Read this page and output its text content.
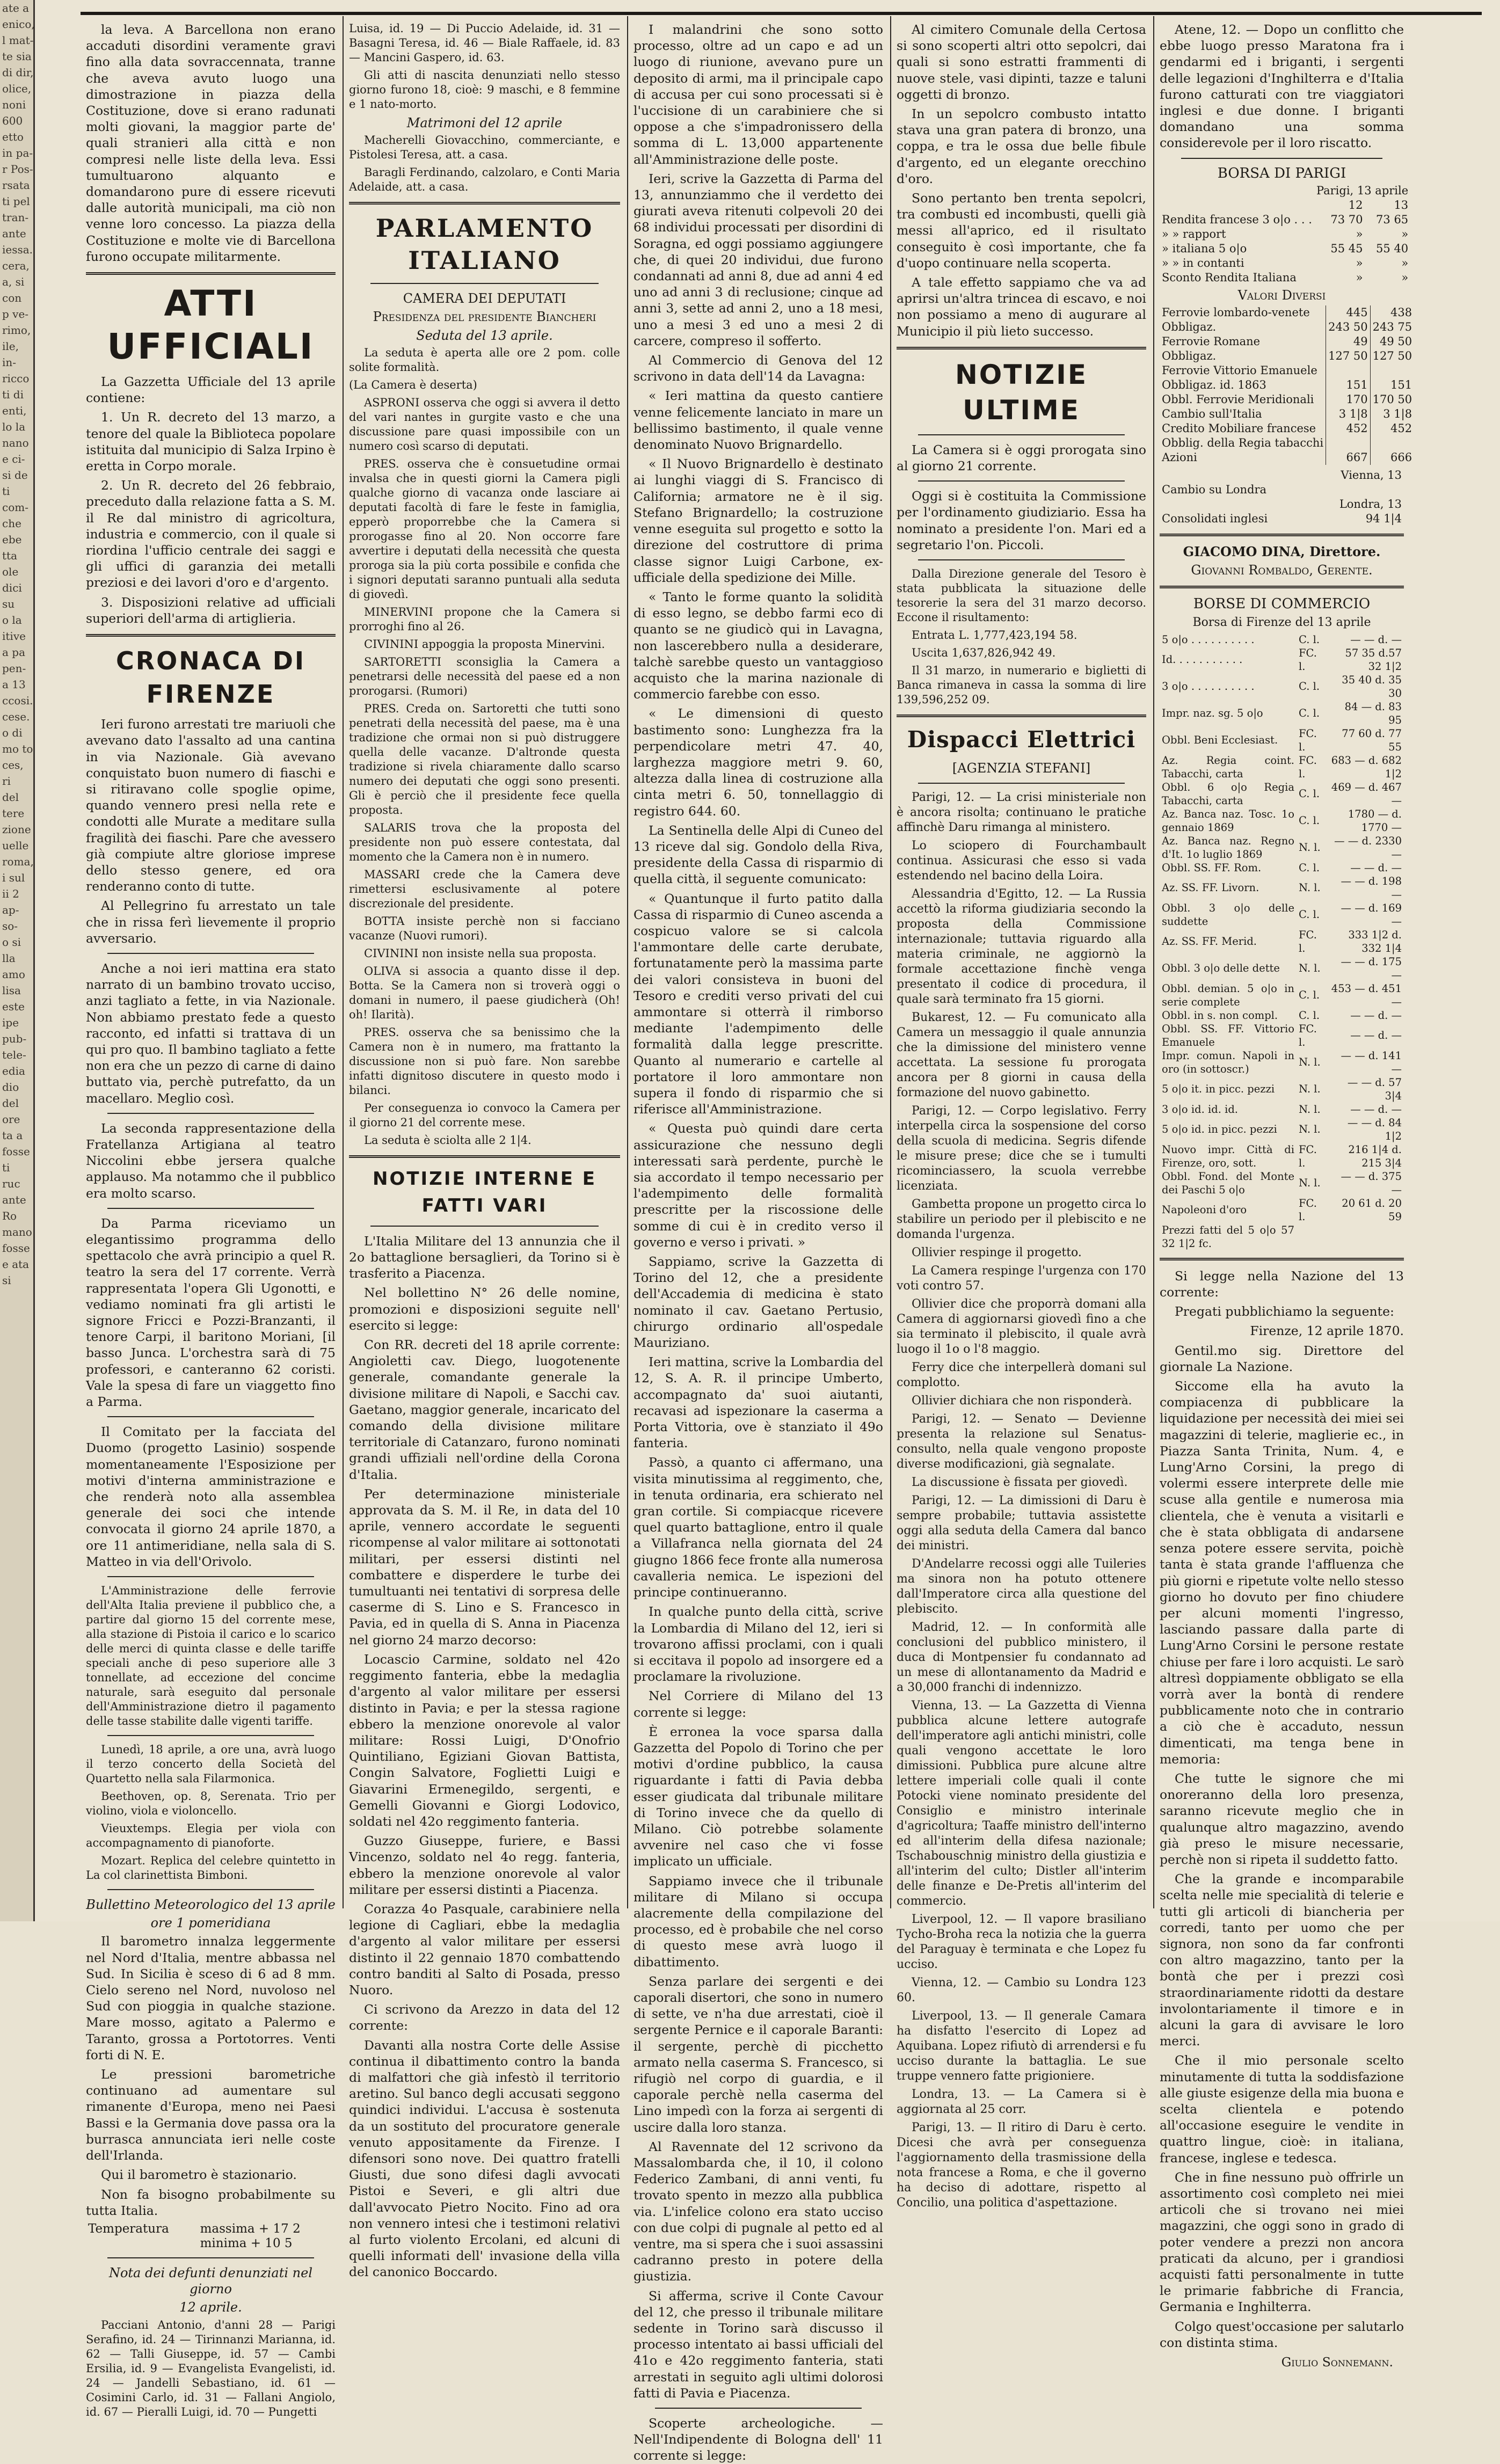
ate a
enico,
l mat-
te sia
di dir,
olice,
noni
600
etto
in pa-
r Pos-
rsata
ti pel
tran-
ante
iessa.
cera,
a, si
con
p ve-
rimo,
ile,
in-
ricco
ti di
enti,
lo la
nano
e ci-
si de
ti
com-
che
ebe
tta
ole
dici
su
o la
itive
a pa
pen-
a 13
ccosi.
cese.
o di
mo to
ces,
ri
del
tere
zione
uelle
roma,
i sul
ii 2
ap-
so-
o si
lla
amo
lisa
este
ipe
pub-
tele-
edia
dio
del
ore
ta a
fosse
ti
ruc
ante
Ro
mano
fosse
e ata
si

la leva. A Barcellona non erano accaduti disordini veramente gravi fino alla data sovraccennata, tranne che aveva avuto luogo una dimostrazione in piazza della Costituzione, dove si erano radunati molti giovani, la maggior parte de' quali stranieri alla città e non compresi nelle liste della leva. Essi tumultuarono alquanto e domandarono pure di essere ricevuti dalle autorità municipali, ma ciò non venne loro concesso. La piazza della Costituzione e molte vie di Barcellona furono occupate militarmente.

ATTI UFFICIALI

La Gazzetta Ufficiale del 13 aprile contiene:

1. Un R. decreto del 13 marzo, a tenore del quale la Biblioteca popolare istituita dal municipio di Salza Irpino è eretta in Corpo morale.

2. Un R. decreto del 26 febbraio, preceduto dalla relazione fatta a S. M. il Re dal ministro di agricoltura, industria e commercio, con il quale si riordina l'ufficio centrale dei saggi e gli uffici di garanzia dei metalli preziosi e dei lavori d'oro e d'argento.

3. Disposizioni relative ad ufficiali superiori dell'arma di artiglieria.

CRONACA DI FIRENZE

Ieri furono arrestati tre mariuoli che avevano dato l'assalto ad una cantina in via Nazionale. Già avevano conquistato buon numero di fiaschi e si ritiravano colle spoglie opime, quando vennero presi nella rete e condotti alle Murate a meditare sulla fragilità dei fiaschi. Pare che avessero già compiute altre gloriose imprese dello stesso genere, ed ora renderanno conto di tutte.

Al Pellegrino fu arrestato un tale che in rissa ferì lievemente il proprio avversario.

Anche a noi ieri mattina era stato narrato di un bambino trovato ucciso, anzi tagliato a fette, in via Nazionale. Non abbiamo prestato fede a questo racconto, ed infatti si trattava di un qui pro quo. Il bambino tagliato a fette non era che un pezzo di carne di daino buttato via, perchè putrefatto, da un macellaro. Meglio così.

La seconda rappresentazione della Fratellanza Artigiana al teatro Niccolini ebbe jersera qualche applauso. Ma notammo che il pubblico era molto scarso.

Da Parma riceviamo un elegantissimo programma dello spettacolo che avrà principio a quel R. teatro la sera del 17 corrente. Verrà rappresentata l'opera Gli Ugonotti, e vediamo nominati fra gli artisti le signore Fricci e Pozzi-Branzanti, il tenore Carpi, il baritono Moriani, [il basso Junca. L'orchestra sarà di 75 professori, e canteranno 62 coristi. Vale la spesa di fare un viaggetto fino a Parma.

Il Comitato per la facciata del Duomo (progetto Lasinio) sospende momentaneamente l'Esposizione per motivi d'interna amministrazione e che renderà noto alla assemblea generale dei soci che intende convocata il giorno 24 aprile 1870, a ore 11 antimeridiane, nella sala di S. Matteo in via dell'Orivolo.

L'Amministrazione delle ferrovie dell'Alta Italia previene il pubblico che, a partire dal giorno 15 del corrente mese, alla stazione di Pistoia il carico e lo scarico delle merci di quinta classe e delle tariffe speciali anche di peso superiore alle 3 tonnellate, ad eccezione del concime naturale, sarà eseguito dal personale dell'Amministrazione dietro il pagamento delle tasse stabilite dalle vigenti tariffe.

Lunedì, 18 aprile, a ore una, avrà luogo il terzo concerto della Società del Quartetto nella sala Filarmonica.

Beethoven, op. 8, Serenata. Trio per violino, viola e violoncello.

Vieuxtemps. Elegia per viola con accompagnamento di pianoforte.

Mozart. Replica del celebre quintetto in La col clarinettista Bimboni.

Bullettino Meteorologico del 13 aprile
ore 1 pomeridiana

Il barometro innalza leggermente nel Nord d'Italia, mentre abbassa nel Sud. In Sicilia è sceso di 6 ad 8 mm. Cielo sereno nel Nord, nuvoloso nel Sud con pioggia in qualche stazione. Mare mosso, agitato a Palermo e Taranto, grossa a Portotorres. Venti forti di N. E.

Le pressioni barometriche continuano ad aumentare sul rimanente d'Europa, meno nei Paesi Bassi e la Germania dove passa ora la burrasca annunciata ieri nelle coste dell'Irlanda.

Qui il barometro è stazionario.

Non fa bisogno probabilmente su tutta Italia.

Temperatura	massima + 17 2
	minima + 10 5
Nota dei defunti denunziati nel giorno
12 aprile.

Pacciani Antonio, d'anni 28 — Parigi Serafino, id. 24 — Tirinnanzi Marianna, id. 62 — Talli Giuseppe, id. 57 — Cambi Ersilia, id. 9 — Evangelista Evangelisti, id. 24 — Jandelli Sebastiano, id. 61 — Cosimini Carlo, id. 31 — Fallani Angiolo, id. 67 — Pieralli Luigi, id. 70 — Pungetti

Luisa, id. 19 — Di Puccio Adelaide, id. 31 — Basagni Teresa, id. 46 — Biale Raffaele, id. 83 — Mancini Gaspero, id. 63.

Gli atti di nascita denunziati nello stesso giorno furono 18, cioè: 9 maschi, e 8 femmine e 1 nato-morto.

Matrimoni del 12 aprile

Macherelli Giovacchino, commerciante, e Pistolesi Teresa, att. a casa.

Baragli Ferdinando, calzolaro, e Conti Maria Adelaide, att. a casa.

PARLAMENTO ITALIANO
CAMERA DEI DEPUTATI
Presidenza del presidente Biancheri
Seduta del 13 aprile.

La seduta è aperta alle ore 2 pom. colle solite formalità.

(La Camera è deserta)

ASPRONI osserva che oggi si avvera il detto del vari nantes in gurgite vasto e che una discussione pare quasi impossibile con un numero così scarso di deputati.

PRES. osserva che è consuetudine ormai invalsa che in questi giorni la Camera pigli qualche giorno di vacanza onde lasciare ai deputati facoltà di fare le feste in famiglia, epperò proporrebbe che la Camera si prorogasse fino al 20. Non occorre fare avvertire i deputati della necessità che questa proroga sia la più corta possibile e confida che i signori deputati saranno puntuali alla seduta di giovedì.

MINERVINI propone che la Camera si prorroghi fino al 26.

CIVININI appoggia la proposta Minervini.

SARTORETTI sconsiglia la Camera a penetrarsi delle necessità del paese ed a non prorogarsi. (Rumori)

PRES. Creda on. Sartoretti che tutti sono penetrati della necessità del paese, ma è una tradizione che ormai non si può distruggere quella delle vacanze. D'altronde questa tradizione si rivela chiaramente dallo scarso numero dei deputati che oggi sono presenti. Gli è perciò che il presidente fece quella proposta.

SALARIS trova che la proposta del presidente non può essere contestata, dal momento che la Camera non è in numero.

MASSARI crede che la Camera deve rimettersi esclusivamente al potere discrezionale del presidente.

BOTTA insiste perchè non si facciano vacanze (Nuovi rumori).

CIVININI non insiste nella sua proposta.

OLIVA si associa a quanto disse il dep. Botta. Se la Camera non si troverà oggi o domani in numero, il paese giudicherà (Oh! oh! Ilarità).

PRES. osserva che sa benissimo che la Camera non è in numero, ma frattanto la discussione non si può fare. Non sarebbe infatti dignitoso discutere in questo modo i bilanci.

Per conseguenza io convoco la Camera per il giorno 21 del corrente mese.

La seduta è sciolta alle 2 1|4.

NOTIZIE INTERNE E FATTI VARI

L'Italia Militare del 13 annunzia che il 2o battaglione bersaglieri, da Torino si è trasferito a Piacenza.

Nel bollettino N° 26 delle nomine, promozioni e disposizioni seguite nell' esercito si legge:

Con RR. decreti del 18 aprile corrente: Angioletti cav. Diego, luogotenente generale, comandante generale la divisione militare di Napoli, e Sacchi cav. Gaetano, maggior generale, incaricato del comando della divisione militare territoriale di Catanzaro, furono nominati grandi uffiziali nell'ordine della Corona d'Italia.

Per determinazione ministeriale approvata da S. M. il Re, in data del 10 aprile, vennero accordate le seguenti ricompense al valor militare ai sottonotati militari, per essersi distinti nel combattere e disperdere le turbe dei tumultuanti nei tentativi di sorpresa delle caserme di S. Lino e S. Francesco in Pavia, ed in quella di S. Anna in Piacenza nel giorno 24 marzo decorso:

Locascio Carmine, soldato nel 42o reggimento fanteria, ebbe la medaglia d'argento al valor militare per essersi distinto in Pavia; e per la stessa ragione ebbero la menzione onorevole al valor militare: Rossi Luigi, D'Onofrio Quintiliano, Egiziani Giovan Battista, Congin Salvatore, Foglietti Luigi e Giavarini Ermenegildo, sergenti, e Gemelli Giovanni e Giorgi Lodovico, soldati nel 42o reggimento fanteria.

Guzzo Giuseppe, furiere, e Bassi Vincenzo, soldato nel 4o regg. fanteria, ebbero la menzione onorevole al valor militare per essersi distinti a Piacenza.

Corazza 4o Pasquale, carabiniere nella legione di Cagliari, ebbe la medaglia d'argento al valor militare per essersi distinto il 22 gennaio 1870 combattendo contro banditi al Salto di Posada, presso Nuoro.

Ci scrivono da Arezzo in data del 12 corrente:

Davanti alla nostra Corte delle Assise continua il dibattimento contro la banda di malfattori che già infestò il territorio aretino. Sul banco degli accusati seggono quindici individui. L'accusa è sostenuta da un sostituto del procuratore generale venuto appositamente da Firenze. I difensori sono nove. Dei quattro fratelli Giusti, due sono difesi dagli avvocati Pistoi e Severi, e gli altri due dall'avvocato Pietro Nocito. Fino ad ora non vennero intesi che i testimoni relativi al furto violento Ercolani, ed alcuni di quelli informati dell' invasione della villa del canonico Boccardo.

I malandrini che sono sotto processo, oltre ad un capo e ad un luogo di riunione, avevano pure un deposito di armi, ma il principale capo di accusa per cui sono processati si è l'uccisione di un carabiniere che si oppose a che s'impadronissero della somma di L. 13,000 appartenente all'Amministrazione delle poste.

Ieri, scrive la Gazzetta di Parma del 13, annunziammo che il verdetto dei giurati aveva ritenuti colpevoli 20 dei 68 individui processati per disordini di Soragna, ed oggi possiamo aggiungere che, di quei 20 individui, due furono condannati ad anni 8, due ad anni 4 ed uno ad anni 3 di reclusione; cinque ad anni 3, sette ad anni 2, uno a 18 mesi, uno a mesi 3 ed uno a mesi 2 di carcere, compreso il sofferto.

Al Commercio di Genova del 12 scrivono in data dell'14 da Lavagna:

« Ieri mattina da questo cantiere venne felicemente lanciato in mare un bellissimo bastimento, il quale venne denominato Nuovo Brignardello.

« Il Nuovo Brignardello è destinato ai lunghi viaggi di S. Francisco di California; armatore ne è il sig. Stefano Brignardello; la costruzione venne eseguita sul progetto e sotto la direzione del costruttore di prima classe signor Luigi Carbone, ex-ufficiale della spedizione dei Mille.

« Tanto le forme quanto la solidità di esso legno, se debbo farmi eco di quanto se ne giudicò qui in Lavagna, non lascerebbero nulla a desiderare, talchè sarebbe questo un vantaggioso acquisto che la marina nazionale di commercio farebbe con esso.

« Le dimensioni di questo bastimento sono: Lunghezza fra la perpendicolare metri 47. 40, larghezza maggiore metri 9. 60, altezza dalla linea di costruzione alla cinta metri 6. 50, tonnellaggio di registro 644. 60.

La Sentinella delle Alpi di Cuneo del 13 riceve dal sig. Gondolo della Riva, presidente della Cassa di risparmio di quella città, il seguente comunicato:

« Quantunque il furto patito dalla Cassa di risparmio di Cuneo ascenda a cospicuo valore se si calcola l'ammontare delle carte derubate, fortunatamente però la massima parte dei valori consisteva in buoni del Tesoro e crediti verso privati del cui ammontare si otterrà il rimborso mediante l'adempimento delle formalità dalla legge prescritte. Quanto al numerario e cartelle al portatore il loro ammontare non supera il fondo di risparmio che si riferisce all'Amministrazione.

« Questa può quindi dare certa assicurazione che nessuno degli interessati sarà perdente, purchè le sia accordato il tempo necessario per l'adempimento delle formalità prescritte per la riscossione delle somme di cui è in credito verso il governo e verso i privati. »

Sappiamo, scrive la Gazzetta di Torino del 12, che a presidente dell'Accademia di medicina è stato nominato il cav. Gaetano Pertusio, chirurgo ordinario all'ospedale Mauriziano.

Ieri mattina, scrive la Lombardia del 12, S. A. R. il principe Umberto, accompagnato da' suoi aiutanti, recavasi ad ispezionare la caserma a Porta Vittoria, ove è stanziato il 49o fanteria.

Passò, a quanto ci affermano, una visita minutissima al reggimento, che, in tenuta ordinaria, era schierato nel gran cortile. Si compiacque ricevere quel quarto battaglione, entro il quale a Villafranca nella giornata del 24 giugno 1866 fece fronte alla numerosa cavalleria nemica. Le ispezioni del principe continueranno.

In qualche punto della città, scrive la Lombardia di Milano del 12, ieri si trovarono affissi proclami, con i quali si eccitava il popolo ad insorgere ed a proclamare la rivoluzione.

Nel Corriere di Milano del 13 corrente si legge:

È erronea la voce sparsa dalla Gazzetta del Popolo di Torino che per motivi d'ordine pubblico, la causa riguardante i fatti di Pavia debba esser giudicata dal tribunale militare di Torino invece che da quello di Milano. Ciò potrebbe solamente avvenire nel caso che vi fosse implicato un ufficiale.

Sappiamo invece che il tribunale militare di Milano si occupa alacremente della compilazione del processo, ed è probabile che nel corso di questo mese avrà luogo il dibattimento.

Senza parlare dei sergenti e dei caporali disertori, che sono in numero di sette, ve n'ha due arrestati, cioè il sergente Pernice e il caporale Baranti: il sergente, perchè di picchetto armato nella caserma S. Francesco, si rifugiò nel corpo di guardia, e il caporale perchè nella caserma del Lino impedì con la forza ai sergenti di uscire dalla loro stanza.

Al Ravennate del 12 scrivono da Massalombarda che, il 10, il colono Federico Zambani, di anni venti, fu trovato spento in mezzo alla pubblica via. L'infelice colono era stato ucciso con due colpi di pugnale al petto ed al ventre, ma si spera che i suoi assassini cadranno presto in potere della giustizia.

Si afferma, scrive il Conte Cavour del 12, che presso il tribunale militare sedente in Torino sarà discusso il processo intentato ai bassi ufficiali del 41o e 42o reggimento fanteria, stati arrestati in seguito agli ultimi dolorosi fatti di Pavia e Piacenza.

Scoperte archeologiche. — Nell'Indipendente di Bologna dell' 11 corrente si legge:

Al cimitero Comunale della Certosa si sono scoperti altri otto sepolcri, dai quali si sono estratti frammenti di nuove stele, vasi dipinti, tazze e taluni oggetti di bronzo.

In un sepolcro combusto intatto stava una gran patera di bronzo, una coppa, e tra le ossa due belle fibule d'argento, ed un elegante orecchino d'oro.

Sono pertanto ben trenta sepolcri, tra combusti ed incombusti, quelli già messi all'aprico, ed il risultato conseguito è così importante, che fa d'uopo continuare nella scoperta.

A tale effetto sappiamo che va ad aprirsi un'altra trincea di escavo, e noi non possiamo a meno di augurare al Municipio il più lieto successo.

NOTIZIE ULTIME

La Camera si è oggi prorogata sino al giorno 21 corrente.

Oggi si è costituita la Commissione per l'ordinamento giudiziario. Essa ha nominato a presidente l'on. Mari ed a segretario l'on. Piccoli.

Dalla Direzione generale del Tesoro è stata pubblicata la situazione delle tesorerie la sera del 31 marzo decorso. Eccone il risultamento:

Entrata L. 1,777,423,194 58.

Uscita 1,637,826,942 49.

Il 31 marzo, in numerario e biglietti di Banca rimaneva in cassa la somma di lire 139,596,252 09.

Dispacci Elettrici
[AGENZIA STEFANI]

Parigi, 12. — La crisi ministeriale non è ancora risolta; continuano le pratiche affinchè Daru rimanga al ministero.

Lo sciopero di Fourchambault continua. Assicurasi che esso si vada estendendo nel bacino della Loira.

Alessandria d'Egitto, 12. — La Russia accettò la riforma giudiziaria secondo la proposta della Commissione internazionale; tuttavia riguardo alla materia criminale, ne aggiornò la formale accettazione finchè venga presentato il codice di procedura, il quale sarà terminato fra 15 giorni.

Bukarest, 12. — Fu comunicato alla Camera un messaggio il quale annunzia che la dimissione del ministero venne accettata. La sessione fu prorogata ancora per 8 giorni in causa della formazione del nuovo gabinetto.

Parigi, 12. — Corpo legislativo. Ferry interpella circa la sospensione del corso della scuola di medicina. Segris difende le misure prese; dice che se i tumulti ricominciassero, la scuola verrebbe licenziata.

Gambetta propone un progetto circa lo stabilire un periodo per il plebiscito e ne domanda l'urgenza.

Ollivier respinge il progetto.

La Camera respinge l'urgenza con 170 voti contro 57.

Ollivier dice che proporrà domani alla Camera di aggiornarsi giovedì fino a che sia terminato il plebiscito, il quale avrà luogo il 1o o l'8 maggio.

Ferry dice che interpellerà domani sul complotto.

Ollivier dichiara che non risponderà.

Parigi, 12. — Senato — Devienne presenta la relazione sul Senatus-consulto, nella quale vengono proposte diverse modificazioni, già segnalate.

La discussione è fissata per giovedì.

Parigi, 12. — La dimissioni di Daru è sempre probabile; tuttavia assistette oggi alla seduta della Camera dal banco dei ministri.

D'Andelarre recossi oggi alle Tuileries ma sinora non ha potuto ottenere dall'Imperatore circa alla questione del plebiscito.

Madrid, 12. — In conformità alle conclusioni del pubblico ministero, il duca di Montpensier fu condannato ad un mese di allontanamento da Madrid e a 30,000 franchi di indennizzo.

Vienna, 13. — La Gazzetta di Vienna pubblica alcune lettere autografe dell'imperatore agli antichi ministri, colle quali vengono accettate le loro dimissioni. Pubblica pure alcune altre lettere imperiali colle quali il conte Potocki viene nominato presidente del Consiglio e ministro interinale d'agricoltura; Taaffe ministro dell'interno ed all'interim della difesa nazionale; Tschabouschnig ministro della giustizia e all'interim del culto; Distler all'interim delle finanze e De-Pretis all'interim del commercio.

Liverpool, 12. — Il vapore brasiliano Tycho-Broha reca la notizia che la guerra del Paraguay è terminata e che Lopez fu ucciso.

Vienna, 12. — Cambio su Londra 123 60.

Liverpool, 13. — Il generale Camara ha disfatto l'esercito di Lopez ad Aquibana. Lopez rifiutò di arrendersi e fu ucciso durante la battaglia. Le sue truppe vennero fatte prigioniere.

Londra, 13. — La Camera si è aggiornata al 25 corr.

Parigi, 13. — Il ritiro di Daru è certo. Dicesi che avrà per conseguenza l'aggiornamento della trasmissione della nota francese a Roma, e che il governo ha deciso di adottare, rispetto al Concilio, una politica d'aspettazione.

Atene, 12. — Dopo un conflitto che ebbe luogo presso Maratona fra i gendarmi ed i briganti, i sergenti delle legazioni d'Inghilterra e d'Italia furono catturati con tre viaggiatori inglesi e due donne. I briganti domandano una somma considerevole per il loro riscatto.

BORSA DI PARIGI
	Parigi, 13 aprile		
		12	13
Rendita francese 3 o|o . . .		73 70	73 65
» » rapport		»	»
» italiana 5 o|o		55 45	55 40
» » in contanti		»	»
Sconto Rendita Italiana		»	»
Valori Diversi
Ferrovie lombardo-venete	445	438
Obbligaz.	243 50	243 75
Ferrovie Romane	49	49 50
Obbligaz.	127 50	127 50
Ferrovie Vittorio Emanuele		
Obbligaz. id. 1863	151	151
Obbl. Ferrovie Meridionali	170	170 50
Cambio sull'Italia	3 1|8	3 1|8
Credito Mobiliare francese	452	452
Obblig. della Regia tabacchi		
Azioni	667	666
	Vienna, 13
Cambio su Londra	
	Londra, 13
Consolidati inglesi	94 1|4
GIACOMO DINA, Direttore.
Giovanni Rombaldo, Gerente.
BORSE DI COMMERCIO
Borsa di Firenze del 13 aprile
5 o|o . . . . . . . . . .	C. l.	— — d. —
Id. . . . . . . . . . .	FC. l.	57 35 d.57 32 1|2
3 o|o . . . . . . . . . .	C. l.	35 40 d. 35 30
Impr. naz. sg. 5 o|o	C. l.	84 — d. 83 95
Obbl. Beni Ecclesiast.	FC. l.	77 60 d. 77 55
Az. Regia coint. Tabacchi, carta	FC. l.	683 — d. 682 1|2
Obbl. 6 o|o Regia Tabacchi, carta	C. l.	469 — d. 467 —
Az. Banca naz. Tosc. 1o gennaio 1869	C. l.	1780 — d. 1770 —
Az. Banca naz. Regno d'It. 1o luglio 1869	N. l.	— — d. 2330 —
Obbl. SS. FF. Rom.	C. l.	— — d. —
Az. SS. FF. Livorn.	N. l.	— — d. 198 —
Obbl. 3 o|o delle suddette	C. l.	— — d. 169 —
Az. SS. FF. Merid.	FC. l.	333 1|2 d. 332 1|4
Obbl. 3 o|o delle dette	N. l.	— — d. 175 —
Obbl. demian. 5 o|o in serie complete	C. l.	453 — d. 451 —
Obbl. in s. non compl.	C. l.	— — d. —
Obbl. SS. FF. Vittorio Emanuele	FC. l.	— — d. —
Impr. comun. Napoli in oro (in sottoscr.)	N. l.	— — d. 141 —
5 o|o it. in picc. pezzi	N. l.	— — d. 57 3|4
3 o|o id. id. id.	N. l.	— — d. —
5 o|o id. in picc. pezzi	N. l.	— — d. 84 1|2
Nuovo impr. Città di Firenze, oro, sott.	FC. l.	216 1|4 d. 215 3|4
Obbl. Fond. del Monte dei Paschi 5 o|o	N. l.	— — d. 375 —
Napoleoni d'oro	FC. l.	20 61 d. 20 59
Prezzi fatti del 5 o|o 57 32 1|2 fc.		

Si legge nella Nazione del 13 corrente:

Pregati pubblichiamo la seguente:

Firenze, 12 aprile 1870.

Gentil.mo sig. Direttore del giornale La Nazione.

Siccome ella ha avuto la compiacenza di pubblicare la liquidazione per necessità dei miei sei magazzini di telerie, maglierie ec., in Piazza Santa Trinita, Num. 4, e Lung'Arno Corsini, la prego di volermi essere interprete delle mie scuse alla gentile e numerosa mia clientela, che è venuta a visitarli e che è stata obbligata di andarsene senza potere essere servita, poichè tanta è stata grande l'affluenza che più giorni e ripetute volte nello stesso giorno ho dovuto per fino chiudere per alcuni momenti l'ingresso, lasciando passare dalla parte di Lung'Arno Corsini le persone restate chiuse per fare i loro acquisti. Le sarò altresì doppiamente obbligato se ella vorrà aver la bontà di rendere pubblicamente noto che in contrario a ciò che è accaduto, nessun dimenticati, ma tenga bene in memoria:

Che tutte le signore che mi onoreranno della loro presenza, saranno ricevute meglio che in qualunque altro magazzino, avendo già preso le misure necessarie, perchè non si ripeta il suddetto fatto.

Che la grande e incomparabile scelta nelle mie specialità di telerie e tutti gli articoli di biancheria per corredi, tanto per uomo che per signora, non sono da far confronti con altro magazzino, tanto per la bontà che per i prezzi così straordinariamente ridotti da destare involontariamente il timore e in alcuni la gara di avvisare le loro merci.

Che il mio personale scelto minutamente di tutta la soddisfazione alle giuste esigenze della mia buona e scelta clientela e potendo all'occasione eseguire le vendite in quattro lingue, cioè: in italiana, francese, inglese e tedesca.

Che in fine nessuno può offrirle un assortimento così completo nei miei articoli che si trovano nei miei magazzini, che oggi sono in grado di poter vendere a prezzi non ancora praticati da alcuno, per i grandiosi acquisti fatti personalmente in tutte le primarie fabbriche di Francia, Germania e Inghilterra.

Colgo quest'occasione per salutarlo con distinta stima.

Giulio Sonnemann.
